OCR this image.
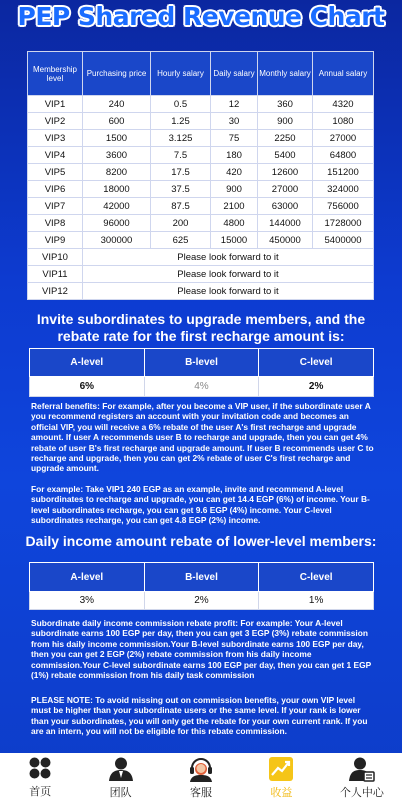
PEP Shared Revenue Chart
Membership level	Purchasing price	Hourly salary	Daily salary	Monthly salary	Annual salary
VIP1	240	0.5	12	360	4320
VIP2	600	1.25	30	900	1080
VIP3	1500	3.125	75	2250	27000
VIP4	3600	7.5	180	5400	64800
VIP5	8200	17.5	420	12600	151200
VIP6	18000	37.5	900	27000	324000
VIP7	42000	87.5	2100	63000	756000
VIP8	96000	200	4800	144000	1728000
VIP9	300000	625	15000	450000	5400000
VIP10	Please look forward to it				
VIP11	Please look forward to it				
VIP12	Please look forward to it				
Invite subordinates to upgrade members, and the rebate rate for the first recharge amount is:
A-level	B-level	C-level
6%	4%	2%
Referral benefits: For example, after you become a VIP user, if the subordinate user A you recommend registers an account with your invitation code and becomes an official VIP, you will receive a 6% rebate of the user A's first recharge and upgrade amount. If user A recommends user B to recharge and upgrade, then you can get 4% rebate of user B's first recharge and upgrade amount. If user B recommends user C to recharge and upgrade, then you can get 2% rebate of user C's first recharge and upgrade amount.
For example: Take VIP1 240 EGP as an example, invite and recommend A-level subordinates to recharge and upgrade, you can get 14.4 EGP (6%) of income. Your B-level subordinates recharge, you can get 9.6 EGP (4%) income. Your C-level subordinates recharge, you can get 4.8 EGP (2%) income.
Daily income amount rebate of lower-level members:
A-level	B-level	C-level
3%	2%	1%
Subordinate daily income commission rebate profit: For example: Your A-level subordinate earns 100 EGP per day, then you can get 3 EGP (3%) rebate commission from his daily income commission.Your B-level subordinate earns 100 EGP per day, then you can get 2 EGP (2%) rebate commission from his daily income commission.Your C-level subordinate earns 100 EGP per day, then you can get 1 EGP (1%) rebate commission from his daily task commission
PLEASE NOTE: To avoid missing out on commission benefits, your own VIP level must be higher than your subordinate users or the same level. If your rank is lower than your subordinates, you will only get the rebate for your own current rank. If you are an intern, you will not be eligible for this rebate commission.
首页	团队	客服	收益	个人中心
